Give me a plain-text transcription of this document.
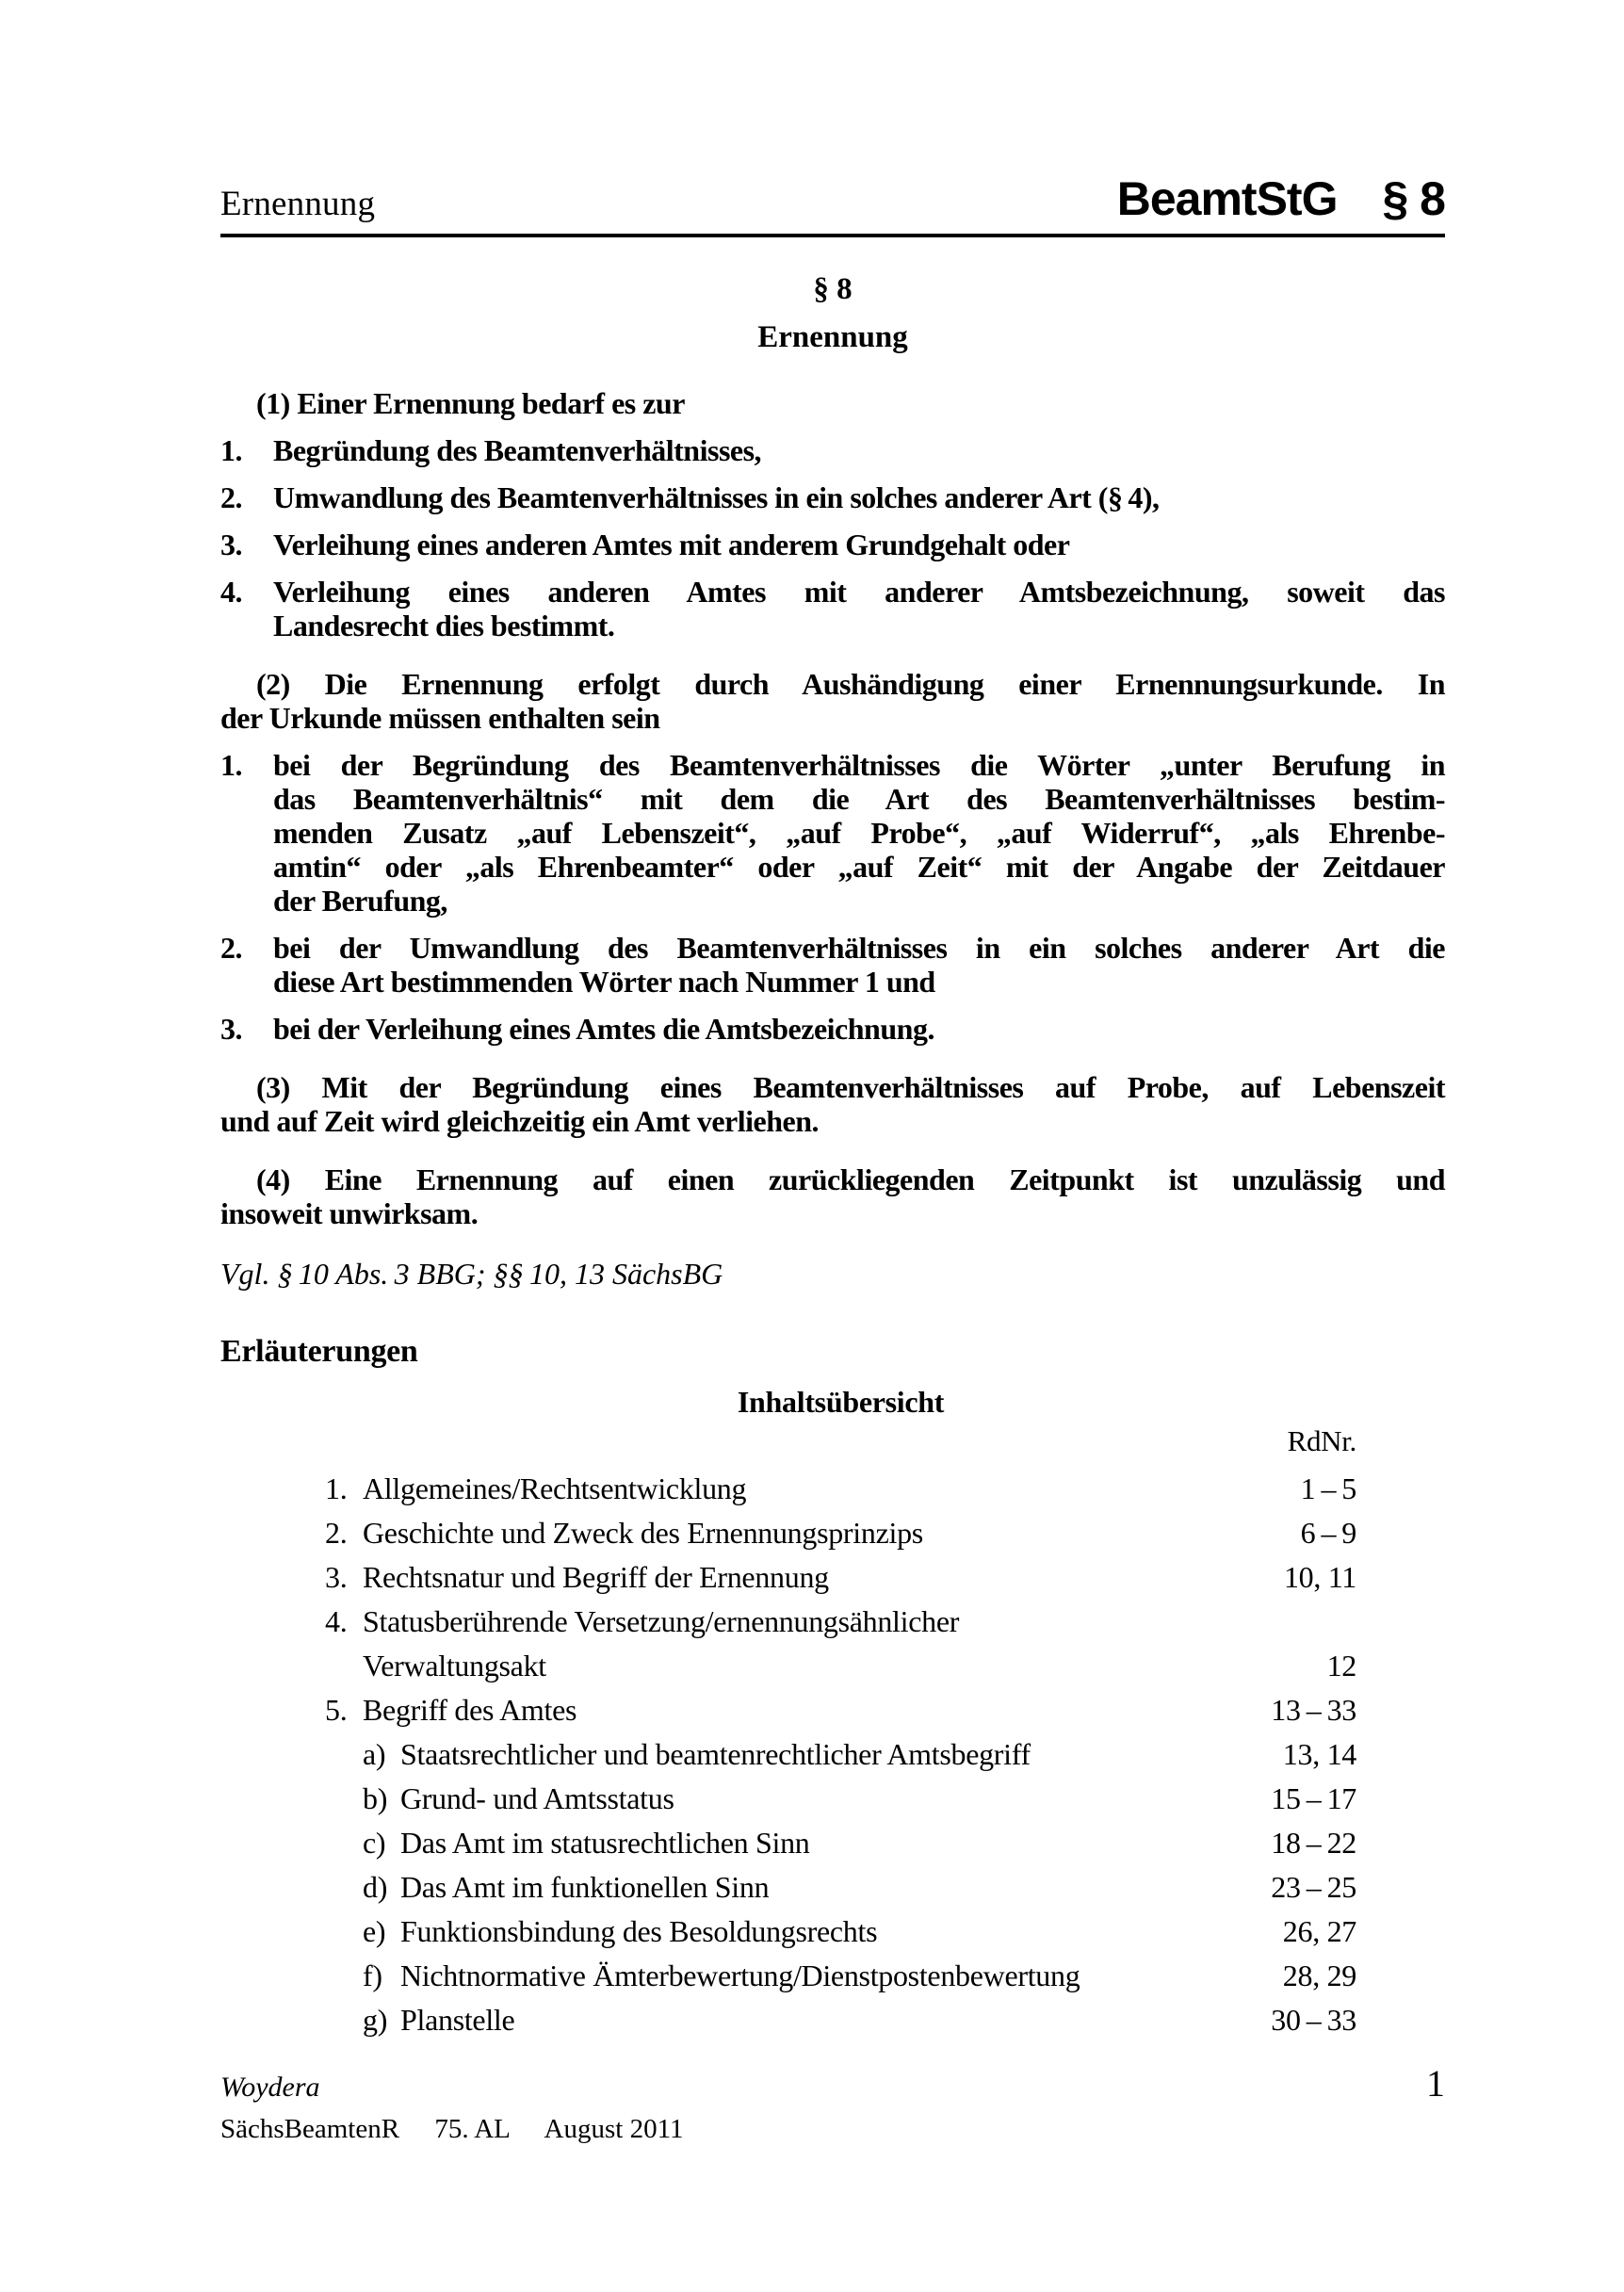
Ernennung	BeamtStG § 8
§ 8
Ernennung
(1) Einer Ernennung bedarf es zur
1. Begründung des Beamtenverhältnisses,
2. Umwandlung des Beamtenverhältnisses in ein solches anderer Art (§ 4),
3. Verleihung eines anderen Amtes mit anderem Grundgehalt oder
4. Verleihung eines anderen Amtes mit anderer Amtsbezeichnung, soweit das
Landesrecht dies bestimmt.
(2) Die Ernennung erfolgt durch Aushändigung einer Ernennungsurkunde. In
der Urkunde müssen enthalten sein
1. bei der Begründung des Beamtenverhältnisses die Wörter „unter Berufung in
das Beamtenverhältnis“ mit dem die Art des Beamtenverhältnisses bestim-
menden Zusatz „auf Lebenszeit“, „auf Probe“, „auf Widerruf“, „als Ehrenbe-
amtin“ oder „als Ehrenbeamter“ oder „auf Zeit“ mit der Angabe der Zeitdauer
der Berufung,
2. bei der Umwandlung des Beamtenverhältnisses in ein solches anderer Art die
diese Art bestimmenden Wörter nach Nummer 1 und
3. bei der Verleihung eines Amtes die Amtsbezeichnung.
(3) Mit der Begründung eines Beamtenverhältnisses auf Probe, auf Lebenszeit
und auf Zeit wird gleichzeitig ein Amt verliehen.
(4) Eine Ernennung auf einen zurückliegenden Zeitpunkt ist unzulässig und
insoweit unwirksam.
Vgl. § 10 Abs. 3 BBG; §§ 10, 13 SächsBG
Erläuterungen
Inhaltsübersicht
RdNr.
1. Allgemeines/Rechtsentwicklung	1 – 5
2. Geschichte und Zweck des Ernennungsprinzips	6 – 9
3. Rechtsnatur und Begriff der Ernennung	10, 11
4. Statusberührende Versetzung/ernennungsähnlicher
Verwaltungsakt	12
5. Begriff des Amtes	13 – 33
a) Staatsrechtlicher und beamtenrechtlicher Amtsbegriff	13, 14
b) Grund- und Amtsstatus	15 – 17
c) Das Amt im statusrechtlichen Sinn	18 – 22
d) Das Amt im funktionellen Sinn	23 – 25
e) Funktionsbindung des Besoldungsrechts	26, 27
f) Nichtnormative Ämterbewertung/Dienstpostenbewertung	28, 29
g) Planstelle	30 – 33
Woydera	1
SächsBeamtenR 75. AL August 2011
